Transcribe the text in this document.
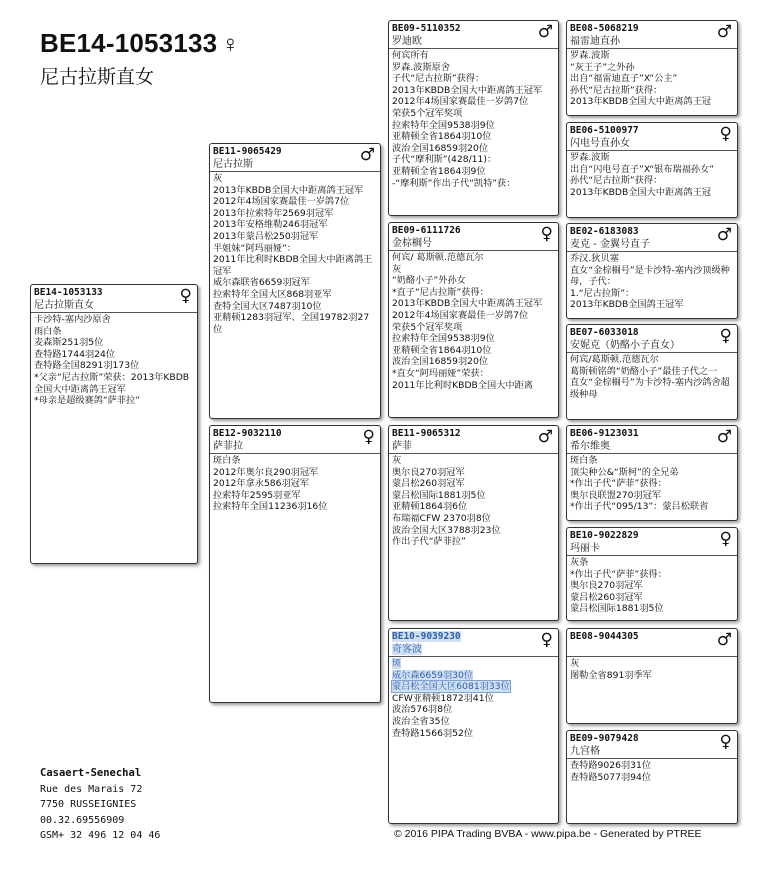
BE14-1053133 ♀
尼古拉斯直女
BE14-1053133	♀
尼古拉斯直女
卡沙特-塞内沙原舍
雨白条
麦森斯251羽5位
查特路1744羽24位
查特路全国8291羽173位
*父亲“尼古拉斯”荣获：2013年KBDB全国大中距离鸽王冠军
*母亲是超级赛鸽“萨菲拉”
BE11-9065429	♂
尼古拉斯
灰
2013年KBDB全国大中距离鸽王冠军
2012年4场国家赛最佳一岁鸽7位
2013年拉索特年2569羽冠军
2013年安格维勒246羽冠军
2013年蒙吕松250羽冠军
半姐妹“阿玛丽娅”：
2011年比利时KBDB全国大中距离鸽王冠军
威尔森联省6659羽冠军
拉索特年全国大区868羽亚军
查特全国大区7487羽10位
亚精顿1283羽冠军、全国19782羽27位
BE12-9032110	♀
萨菲拉
斑白条
2012年奥尔良290羽冠军
2012年拿永586羽冠军
拉索特年2595羽亚军
拉索特年全国11236羽16位
BE09-5110352	♂
罗迪欧
何宾所有
罗森.波斯原舍
子代“尼古拉斯”获得：
2013年KBDB全国大中距离鸽王冠军
2012年4场国家赛最佳一岁鸽7位
荣获5个冠军奖项
拉索特年全国9538羽9位
亚精顿全省1864羽10位
波治全国16859羽20位
子代“摩利斯”(428/11)：
亚精顿全省1864羽9位
-“摩利斯”作出子代“凯特”获：
BE09-6111726	♀
金棕榈号
何宾/ 葛斯顿.范德瓦尔
灰
“奶酪小子”外孙女
*直子“尼古拉斯”获得：
2013年KBDB全国大中距离鸽王冠军
2012年4场国家赛最佳一岁鸽7位
荣获5个冠军奖项
拉索特年全国9538羽9位
亚精顿全省1864羽10位
波治全国16859羽20位
*直女“阿玛丽娅”荣获：
2011年比利时KBDB全国大中距离
BE11-9065312	♂
萨菲
灰
奥尔良270羽冠军
蒙吕松260羽冠军
蒙吕松国际1881羽5位
亚精顿1864羽6位
布瑞福CFW 2370羽8位
波治全国大区3788羽23位
作出子代“萨菲拉”
BE10-9039230	♀
奇客波
斑
威尔森6659羽30位
蒙吕松全国大区6081羽33位
CFW亚精顿1872羽41位
波治576羽8位
波治全省35位
查特路1566羽52位
BE08-5068219	♂
福雷迪直孙
罗森.波斯
“灰王子”之外孙
出自“福雷迪直子”X“公主”
孙代“尼古拉斯”获得：
2013年KBDB全国大中距离鸽王冠
BE06-5100977	♀
闪电号直孙女
罗森.波斯
出自“闪电号直子”X“银布瑞福孙女”
孙代“尼古拉斯”获得：
2013年KBDB全国大中距离鸽王冠
BE02-6183083	♂
麦克 - 金翼号直子
乔汉.狄贝塞
直女“金棕榈号”是卡沙特-塞内沙顶级种母，子代：
1.“尼古拉斯”：
2013年KBDB全国鸽王冠军
BE07-6033018	♀
安妮克（奶酪小子直女）
何宾/葛斯顿.范德瓦尔
葛斯顿铭鸽“奶酪小子”最佳子代之一
直女“金棕榈号”为卡沙特-塞内沙鸽舍超级种母
BE06-9123031	♂
希尔维奥
斑白条
顶尖种公&“斯柯”的全兄弟
*作出子代“萨菲”获得：
奥尔良联盟270羽冠军
*作出子代“095/13”：蒙吕松联省
BE10-9022829	♀
玛丽卡
灰条
*作出子代“萨菲”获得：
奥尔良270羽冠军
蒙吕松260羽冠军
蒙吕松国际1881羽5位
BE08-9044305	♂
灰
图勒全省891羽季军
BE09-9079428	♀
九宫格
查特路9026羽31位
查特路5077羽94位
Casaert-Senechal
Rue des Marais 72
7750 RUSSEIGNIES
00.32.69556909
GSM+ 32 496 12 04 46	© 2016 PIPA Trading BVBA - www.pipa.be - Generated by PTREE
